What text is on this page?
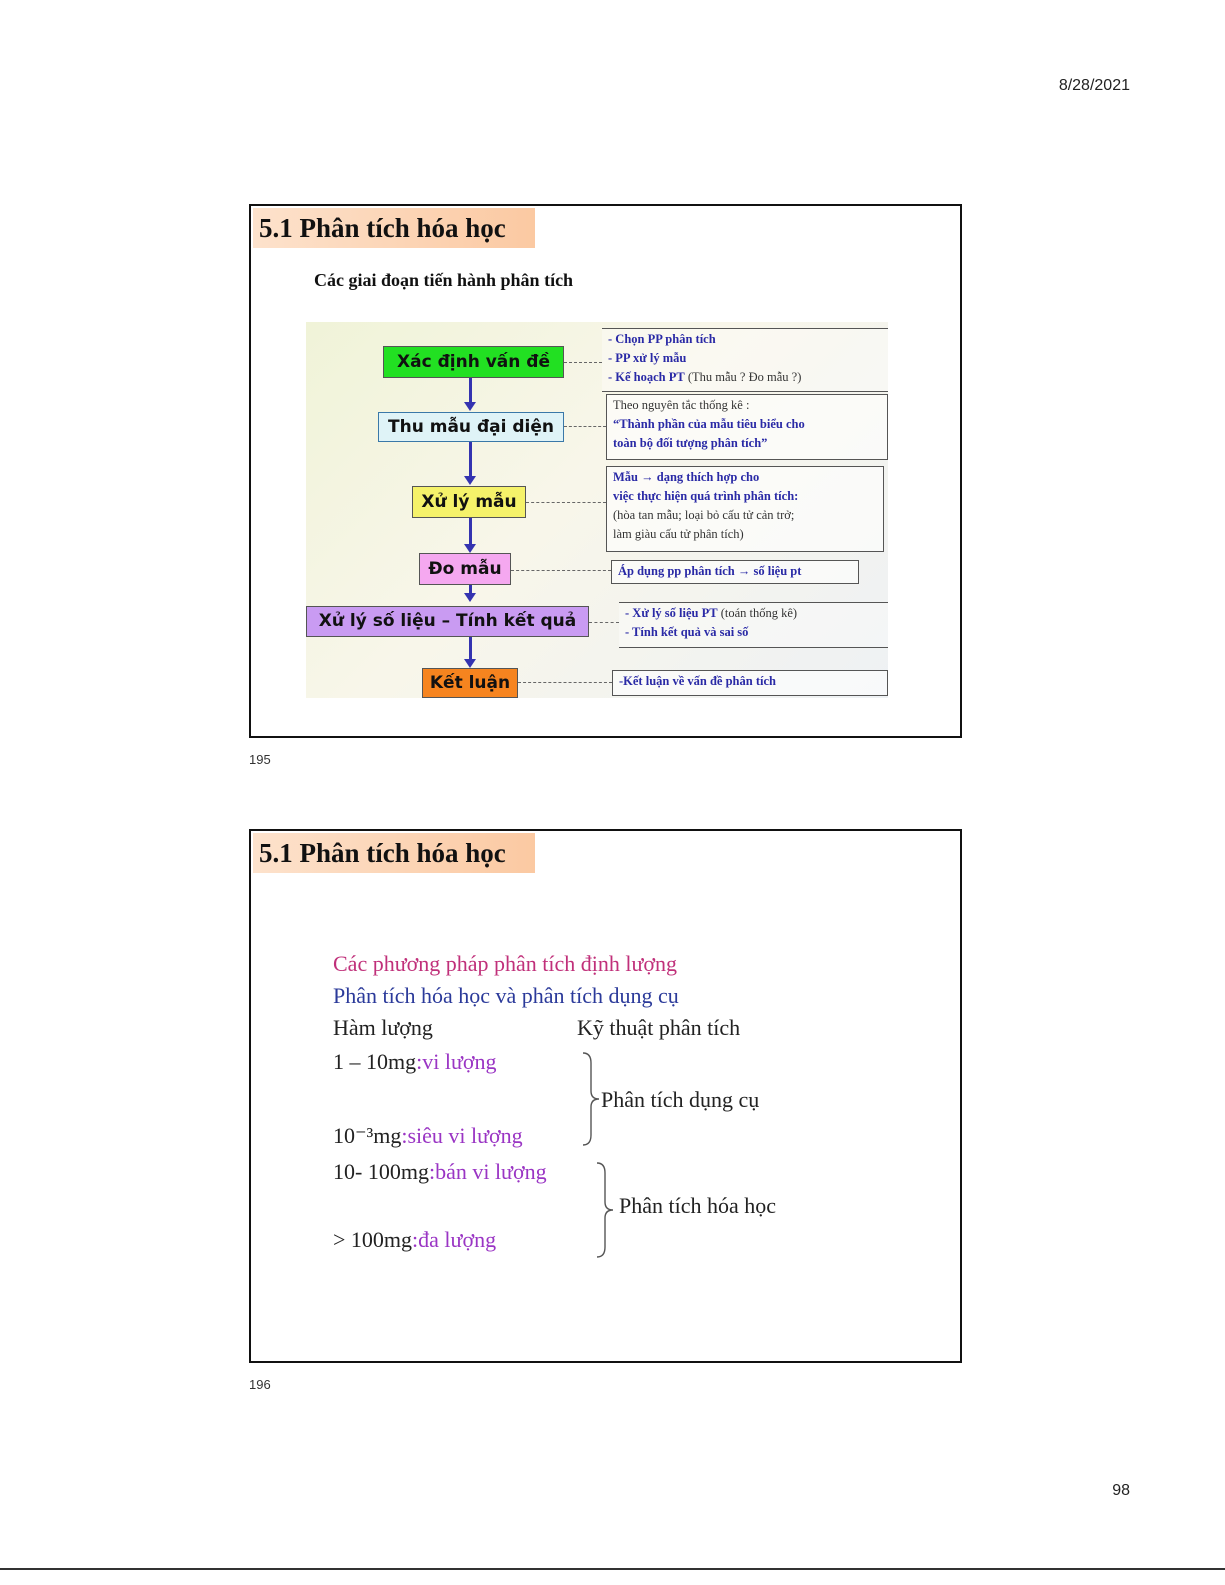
8/28/2021
98
5.1 Phân tích hóa học
Các giai đoạn tiến hành phân tích
Xác định vấn đề
Thu mẫu đại diện
Xử lý mẫu
Đo mẫu
Xử lý số liệu – Tính kết quả
Kết luận
- Chọn PP phân tích
- PP xử lý mẫu
- Kế hoạch PT (Thu mẫu ? Đo mẫu ?)
Theo nguyên tắc thống kê :
“Thành phần của mẫu tiêu biểu cho
toàn bộ đối tượng phân tích”
Mẫu → dạng thích hợp cho
việc thực hiện quá trình phân tích:
(hòa tan mẫu; loại bỏ cấu tử cản trở;
làm giàu cấu tử phân tích)
Áp dụng pp phân tích → số liệu pt
- Xử lý số liệu PT (toán thống kê)
- Tính kết quả và sai số
-Kết luận về vấn đề phân tích
195
5.1 Phân tích hóa học
Các phương pháp phân tích định lượng
Phân tích hóa học và phân tích dụng cụ
Hàm lượng	Kỹ thuật phân tích
1 – 10mg:vi lượng
10⁻³mg:siêu vi lượng
10- 100mg:bán vi lượng
> 100mg:đa lượng
Phân tích dụng cụ
Phân tích hóa học
196
